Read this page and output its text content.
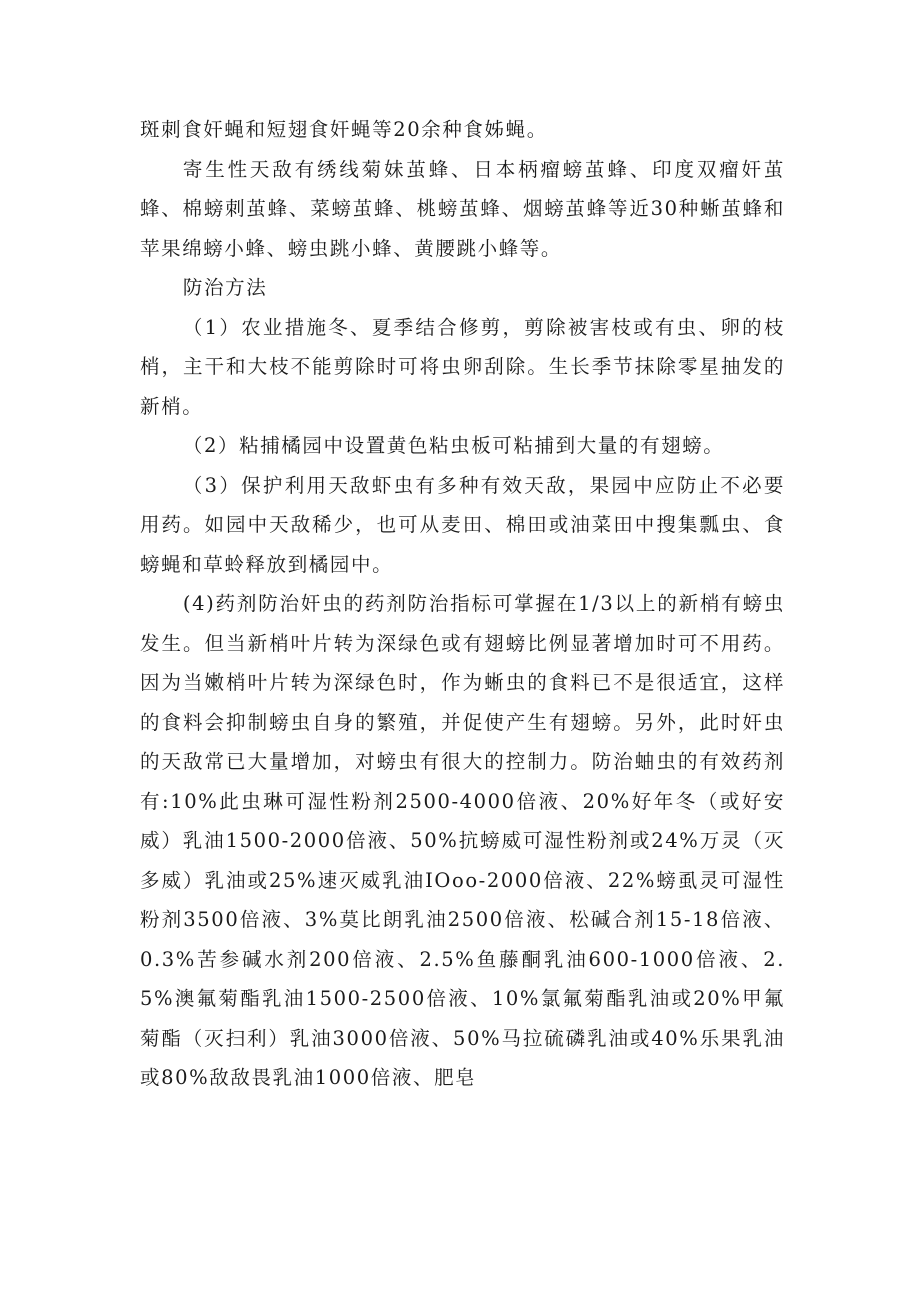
斑刺食奸蝇和短翅食奸蝇等20余种食姊蝇。

寄生性天敌有绣线菊妹茧蜂、日本柄瘤螃茧蜂、印度双瘤奸茧蜂、棉螃刺茧蜂、菜螃茧蜂、桃螃茧蜂、烟螃茧蜂等近30种蜥茧蜂和苹果绵螃小蜂、螃虫跳小蜂、黄腰跳小蜂等。

防治方法

（1）农业措施冬、夏季结合修剪，剪除被害枝或有虫、卵的枝梢，主干和大枝不能剪除时可将虫卵刮除。生长季节抹除零星抽发的新梢。

（2）粘捕橘园中设置黄色粘虫板可粘捕到大量的有翅螃。

（3）保护利用天敌虾虫有多种有效天敌，果园中应防止不必要用药。如园中天敌稀少，也可从麦田、棉田或油菜田中搜集瓢虫、食螃蝇和草蛉释放到橘园中。

(4)药剂防治奸虫的药剂防治指标可掌握在1/3以上的新梢有螃虫发生。但当新梢叶片转为深绿色或有翅螃比例显著增加时可不用药。因为当嫩梢叶片转为深绿色时，作为蜥虫的食料已不是很适宜，这样的食料会抑制螃虫自身的繁殖，并促使产生有翅螃。另外，此时奸虫的天敌常已大量增加，对螃虫有很大的控制力。防治蚰虫的有效药剂有:10%此虫琳可湿性粉剂2500-4000倍液、20%好年冬（或好安威）乳油1500-2000倍液、50%抗螃威可湿性粉剂或24%万灵（灭多威）乳油或25%速灭威乳油IOoo-2000倍液、22%螃虱灵可湿性粉剂3500倍液、3%莫比朗乳油2500倍液、松碱合剂15-18倍液、0.3%苦参碱水剂200倍液、2.5%鱼藤酮乳油600-1000倍液、2.5%澳氟菊酯乳油1500-2500倍液、10%氯氟菊酯乳油或20%甲氟菊酯（灭扫利）乳油3000倍液、50%马拉硫磷乳油或40%乐果乳油或80%敌敌畏乳油1000倍液、肥皂
